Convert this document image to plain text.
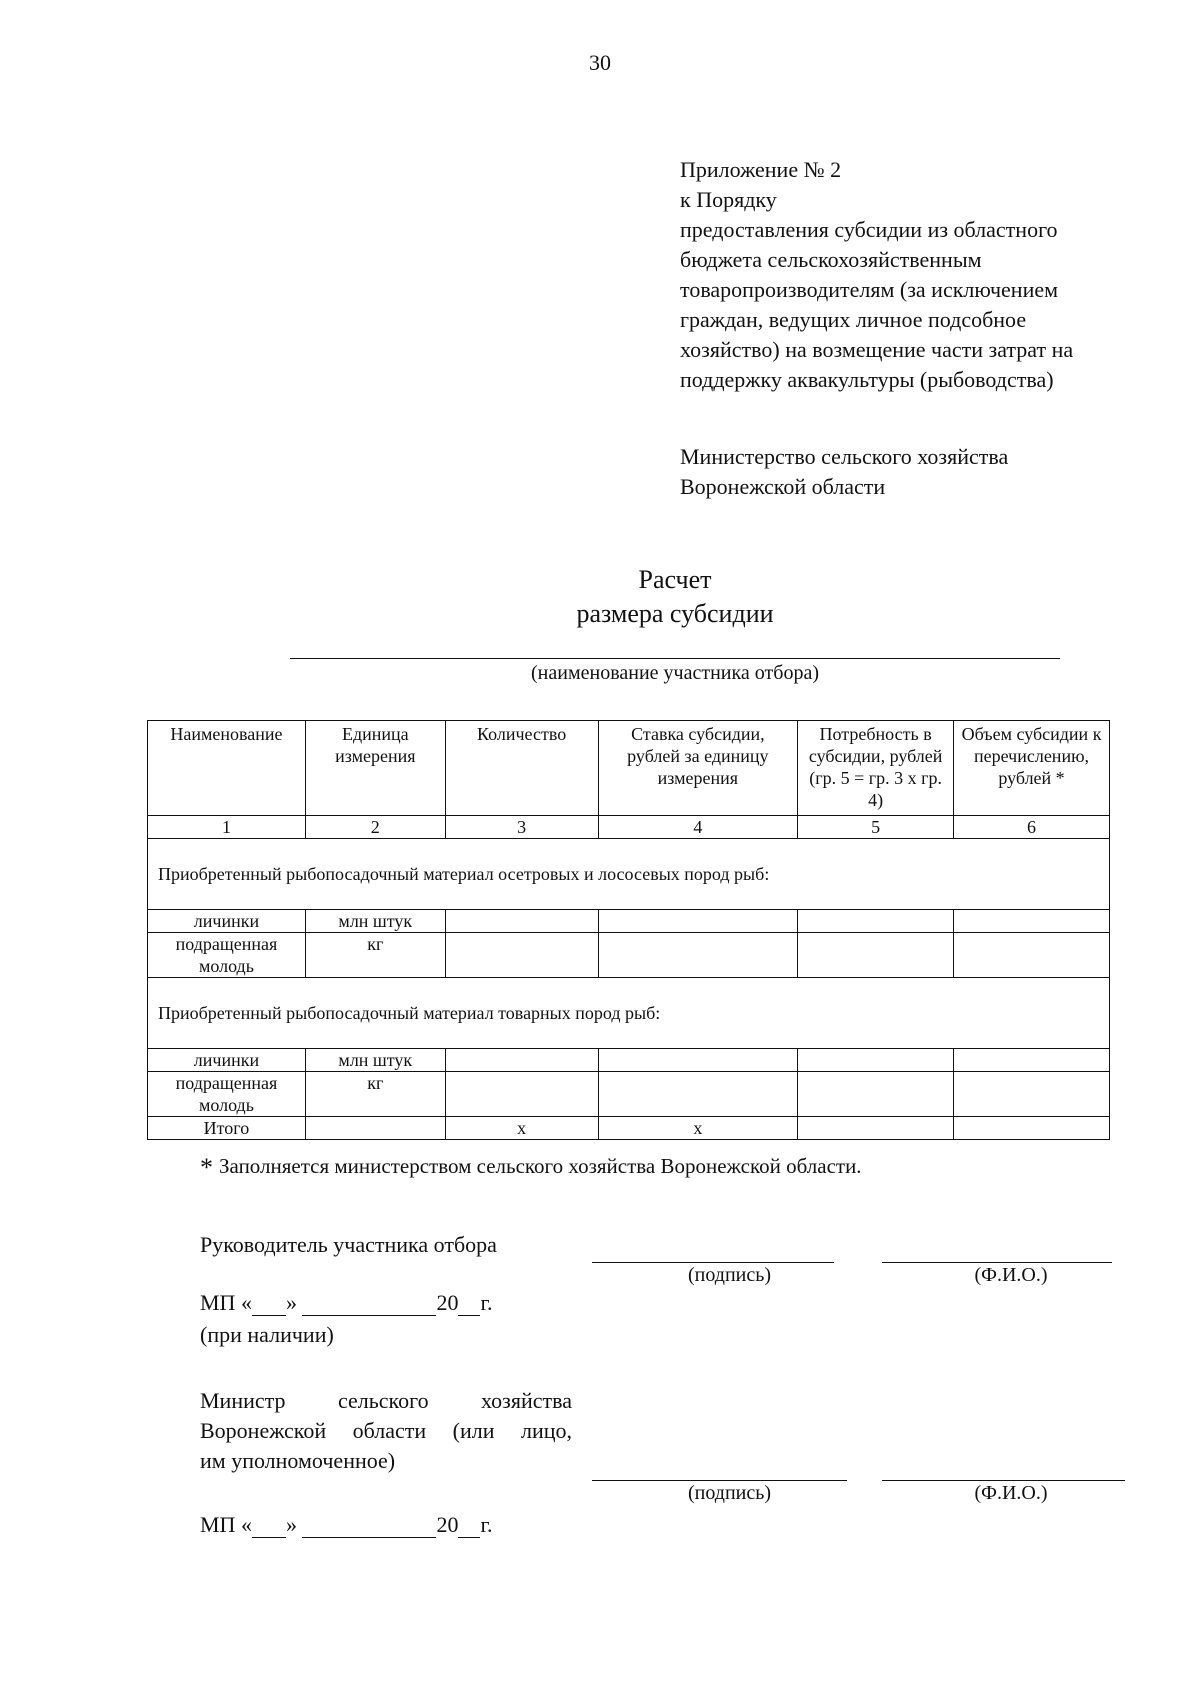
30
Приложение № 2
к Порядку
предоставления субсидии из областного
бюджета сельскохозяйственным
товаропроизводителям (за исключением
граждан, ведущих личное подсобное
хозяйство) на возмещение части затрат на
поддержку аквакультуры (рыбоводства)
Министерство сельского хозяйства
Воронежской области
Расчет
размера субсидии
(наименование участника отбора)
Наименование	Единица измерения	Количество	Ставка субсидии, рублей за единицу измерения	Потребность в субсидии, рублей (гр. 5 = гр. 3 х гр. 4)	Объем субсидии к перечислению, рублей *
1	2	3	4	5	6
Приобретенный рыбопосадочный материал осетровых и лососевых пород рыб:					
личинки	млн штук				
подращенная молодь	кг				
Приобретенный рыбопосадочный материал товарных пород рыб:					
личинки	млн штук				
подращенная молодь	кг				
Итого		х	х		
* Заполняется министерством сельского хозяйства Воронежской области.
Руководитель участника отбора
(подпись)	(Ф.И.О.)
МП « »	20 г.
(при наличии)
Министр сельского хозяйства
Воронежской области (или лицо,
им уполномоченное)
(подпись)	(Ф.И.О.)
МП « »	20 г.
